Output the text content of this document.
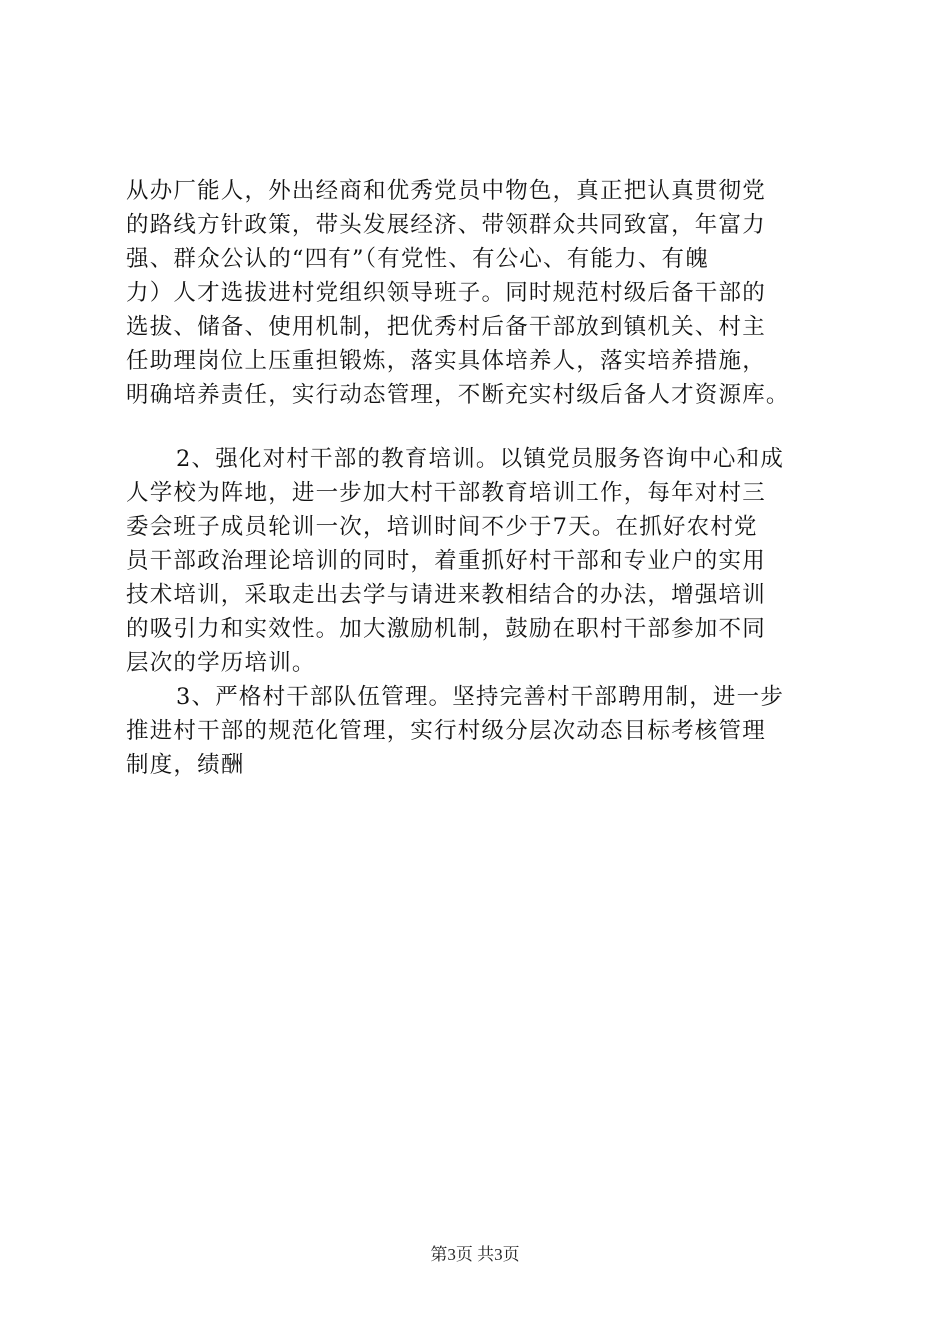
从办厂能人，外出经商和优秀党员中物色，真正把认真贯彻党
的路线方针政策，带头发展经济、带领群众共同致富，年富力
强、群众公认的“四有”（有党性、有公心、有能力、有魄
力）人才选拔进村党组织领导班子。同时规范村级后备干部的
选拔、储备、使用机制，把优秀村后备干部放到镇机关、村主
任助理岗位上压重担锻炼，落实具体培养人，落实培养措施，
明确培养责任，实行动态管理，不断充实村级后备人才资源库。
2、强化对村干部的教育培训。以镇党员服务咨询中心和成
人学校为阵地，进一步加大村干部教育培训工作，每年对村三
委会班子成员轮训一次，培训时间不少于7天。在抓好农村党
员干部政治理论培训的同时，着重抓好村干部和专业户的实用
技术培训，采取走出去学与请进来教相结合的办法，增强培训
的吸引力和实效性。加大激励机制，鼓励在职村干部参加不同
层次的学历培训。
3、严格村干部队伍管理。坚持完善村干部聘用制，进一步
推进村干部的规范化管理，实行村级分层次动态目标考核管理
制度，绩酬
第3页 共3页
